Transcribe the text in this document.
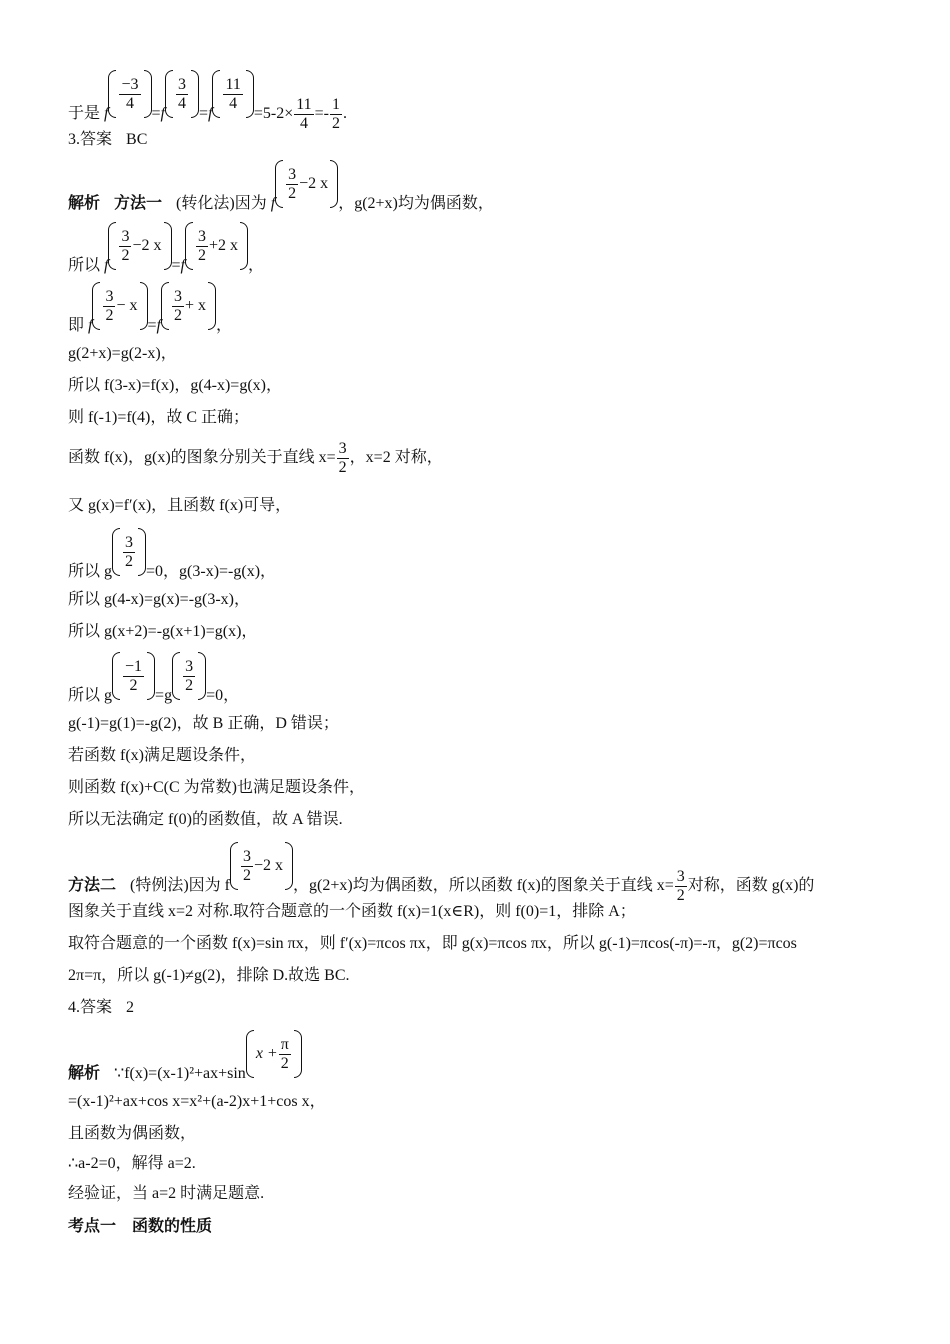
于是 f
$\frac{-3}{4}$
=f
$\frac{3}{4}$
=f
$\frac{11}{4}$
$=5-2\times \frac{11}{4} =- \frac{1}{2}$ .
3.答案 BC
解析 方法一 (转化法)因为 f
$\frac{3}{2} -2$ x
，g(2+x)均为偶函数，
所以 f
$\frac{3}{2} -2$ x
=f
$\frac{3}{2} +2$ x
，
即 f
$\frac{3}{2} - x$
=f
$\frac{3}{2} + x$
，
g(2+x)=g(2-x)，
所以 f(3-x)=f(x)，g(4-x)=g(x)，
则 f(-1)=f(4)，故 C 正确；
函数 f(x)，g(x)的图象分别关于直线 $x= \frac{3}{2}$ ，x=2 对称，
又 g(x)=f′(x)，且函数 f(x)可导，
所以 g
$\frac{3}{2}$
=0，g(3-x)=-g(x)，
所以 g(4-x)=g(x)=-g(3-x)，
所以 g(x+2)=-g(x+1)=g(x)，
所以 g
$\frac{-1}{2}$
=g
$\frac{3}{2}$
=0，
g(-1)=g(1)=-g(2)，故 B 正确，D 错误；
若函数 f(x)满足题设条件，
则函数 f(x)+C(C 为常数)也满足题设条件，
所以无法确定 f(0)的函数值，故 A 错误.
方法二 (特例法)因为 f
$\frac{3}{2} -2$ x
，g(2+x)均为偶函数，所以函数 f(x)的图象关于直线 $x= \frac{3}{2}$ 对称，函数 g(x)的
图象关于直线 x=2 对称.取符合题意的一个函数 f(x)=1(x∈R)，则 f(0)=1，排除 A；
取符合题意的一个函数 f(x)=sin πx，则 f′(x)=πcos πx，即 g(x)=πcos πx，所以 g(-1)=πcos(-π)=-π，g(2)=πcos
2π=π，所以 g(-1)≠g(2)，排除 D.故选 BC.
4.答案 2
解析 ∵f(x)=(x-1)²+ax+sin
$x + \frac{\pi}{2}$
=(x-1)²+ax+cos x=x²+(a-2)x+1+cos x，
且函数为偶函数，
∴a-2=0，解得 a=2.
经验证，当 a=2 时满足题意.
考点一　函数的性质
